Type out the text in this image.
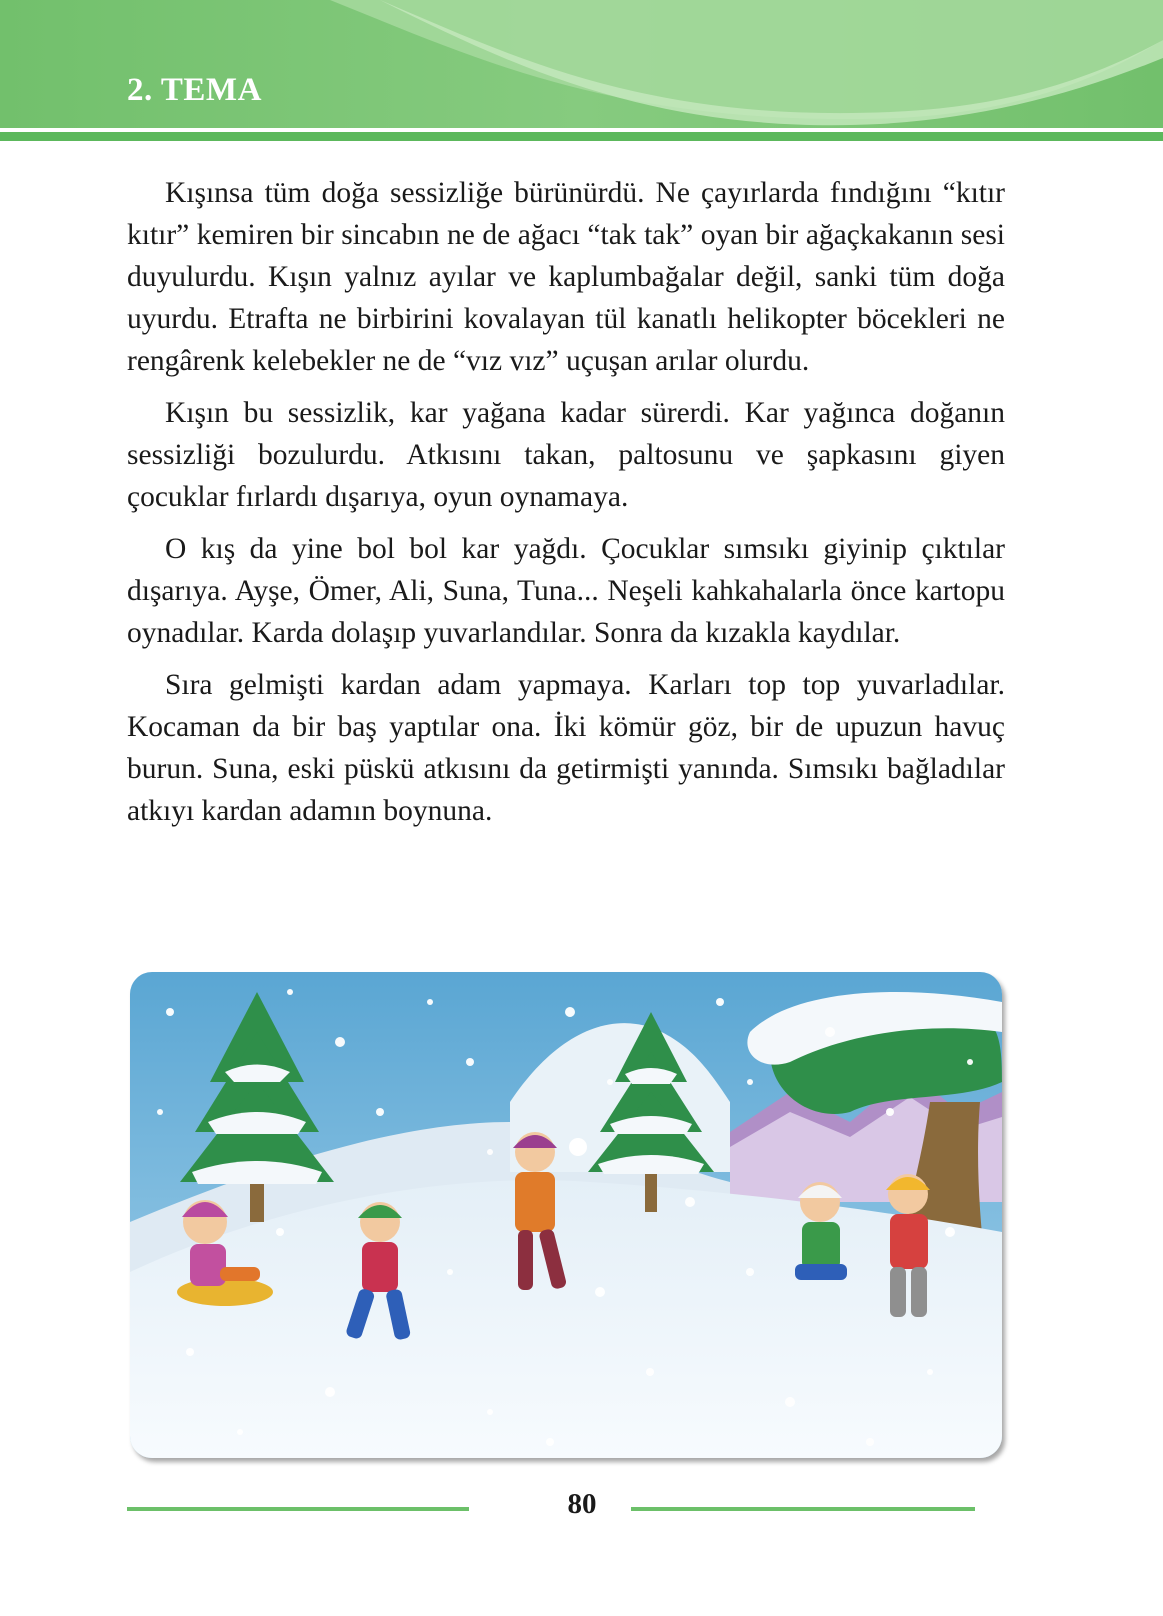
2. TEMA

Kışınsa tüm doğa sessizliğe bürünürdü. Ne çayırlarda fındığını “kıtır kıtır” kemiren bir sincabın ne de ağacı “tak tak” oyan bir ağaçkakanın sesi duyulurdu. Kışın yalnız ayılar ve kaplumbağalar değil, sanki tüm doğa uyurdu. Etrafta ne birbirini kovalayan tül kanatlı helikopter böcekleri ne rengârenk kelebekler ne de “vız vız” uçuşan arılar olurdu.

Kışın bu sessizlik, kar yağana kadar sürerdi. Kar yağınca doğanın sessizliği bozulurdu. Atkısını takan, paltosunu ve şapkasını giyen çocuklar fırlardı dışarıya, oyun oynamaya.

O kış da yine bol bol kar yağdı. Çocuklar sımsıkı giyinip çıktılar dışarıya. Ayşe, Ömer, Ali, Suna, Tuna... Neşeli kahkahalarla önce kartopu oynadılar. Karda dolaşıp yuvarlandılar. Sonra da kızakla kaydılar.

Sıra gelmişti kardan adam yapmaya. Karları top top yuvarladılar. Kocaman da bir baş yaptılar ona. İki kömür göz, bir de upuzun havuç burun. Suna, eski püskü atkısını da getirmişti yanında. Sımsıkı bağladılar atkıyı kardan adamın boynuna.

80
